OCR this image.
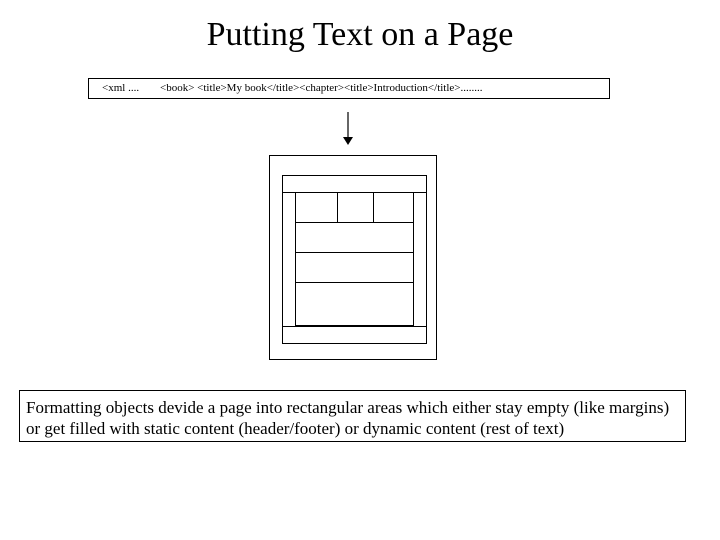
Putting Text on a Page
<xml .... <book> <title>My book</title><chapter><title>Introduction</title>........
Formatting objects devide a page into rectangular areas which either stay empty (like margins) or get filled with static content (header/footer) or dynamic content (rest of text)
